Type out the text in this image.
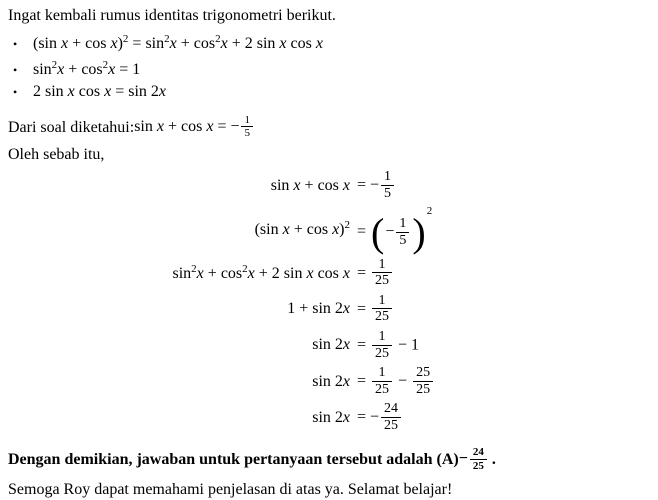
Ingat kembali rumus identitas trigonometri berikut.
• (sin $x + \cos x)^2 = \sin^2x + \cos^2x + 2$ sin x cos x
• $\sin^2x + \cos^2x = 1$
• 2 sin x cos x = sin 2x
Dari soal diketahui: sin x + cos x = − $\frac{1}{5}$
Oleh sebab itu,
sin x + cos x = − $\frac{1}{5}$
(sin x + cos x)$^2$ = (− $\frac{1}{5} )^2$
$\sin^2x + \cos^2x + 2$ sin x $\cos x = \frac{1}{25}$
$1 + \sin 2x = \frac{1}{25}$
$\sin 2x = \frac{1}{25} - 1$
$\sin 2x = \frac{1}{25} - \frac{25}{25}$
sin 2x = − $\frac{24}{25}$
Dengan demikian, jawaban untuk pertanyaan tersebut adalah $(A) - \frac{24}{25}$ .
Semoga Roy dapat memahami penjelasan di atas ya. Selamat belajar!
